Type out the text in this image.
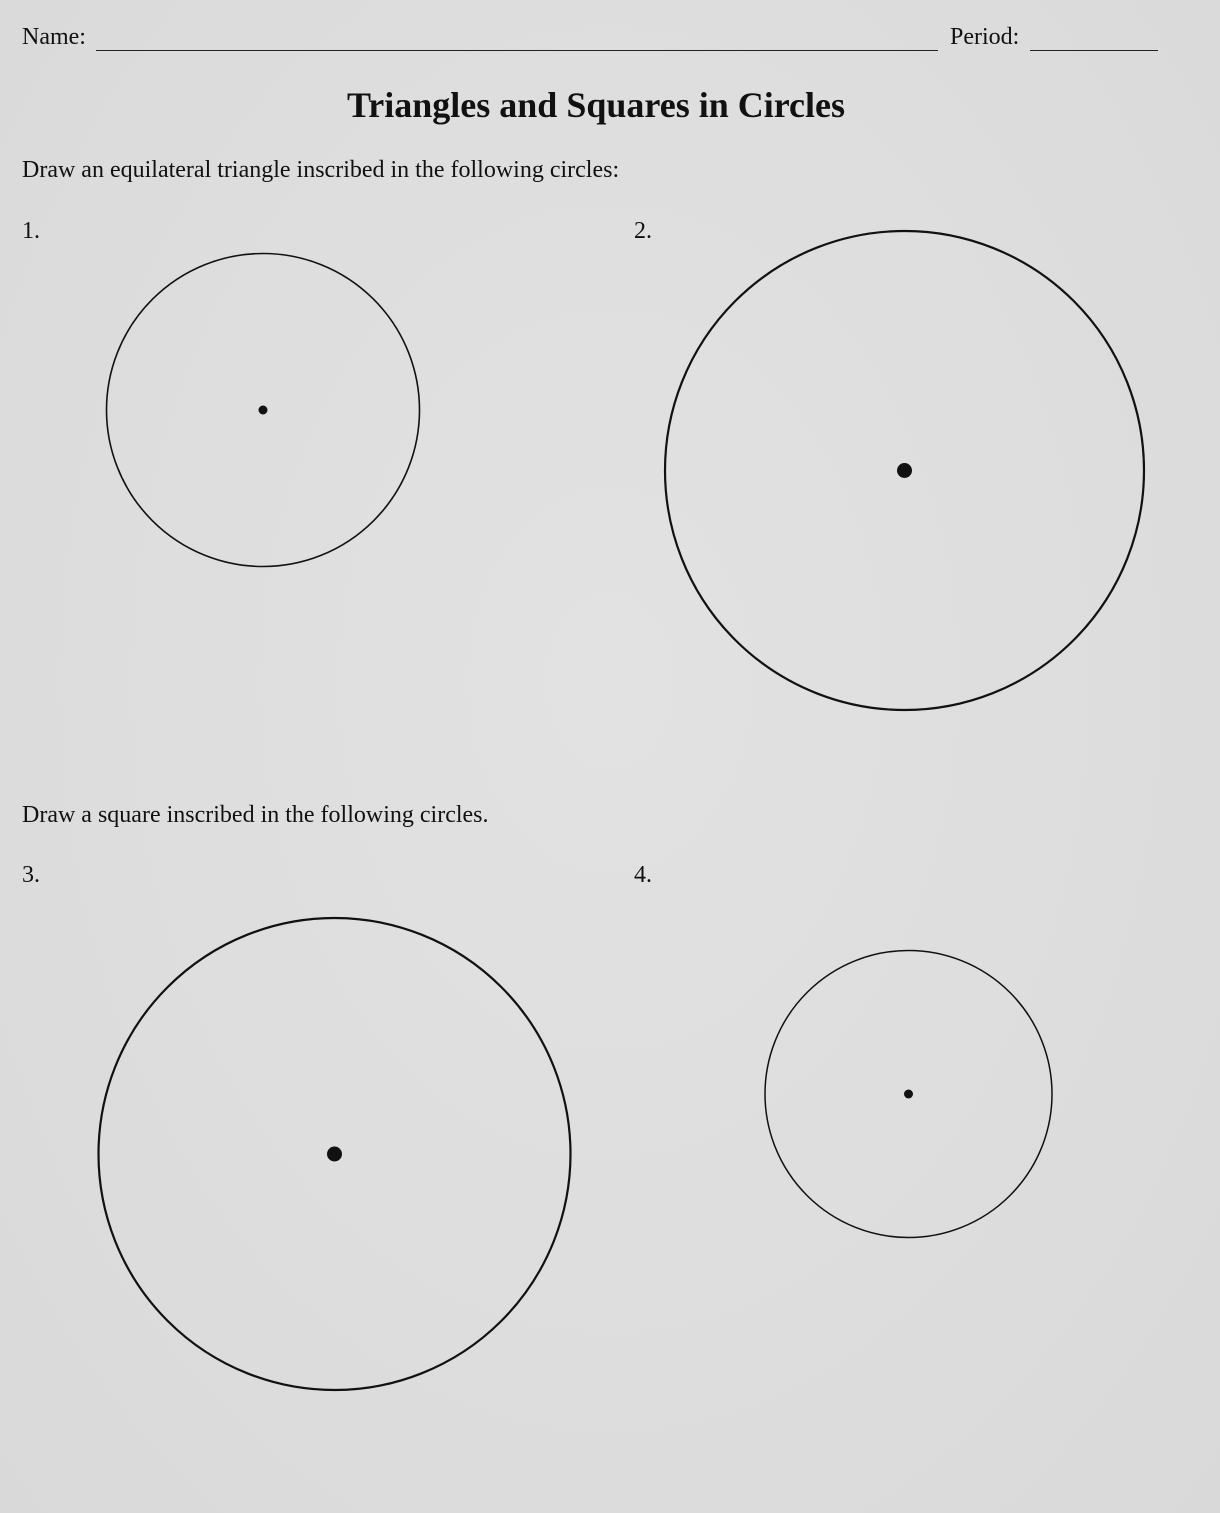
Name:	Period:
Triangles and Squares in Circles
Draw an equilateral triangle inscribed in the following circles:
1.	2.
Draw a square inscribed in the following circles.
3.	4.
